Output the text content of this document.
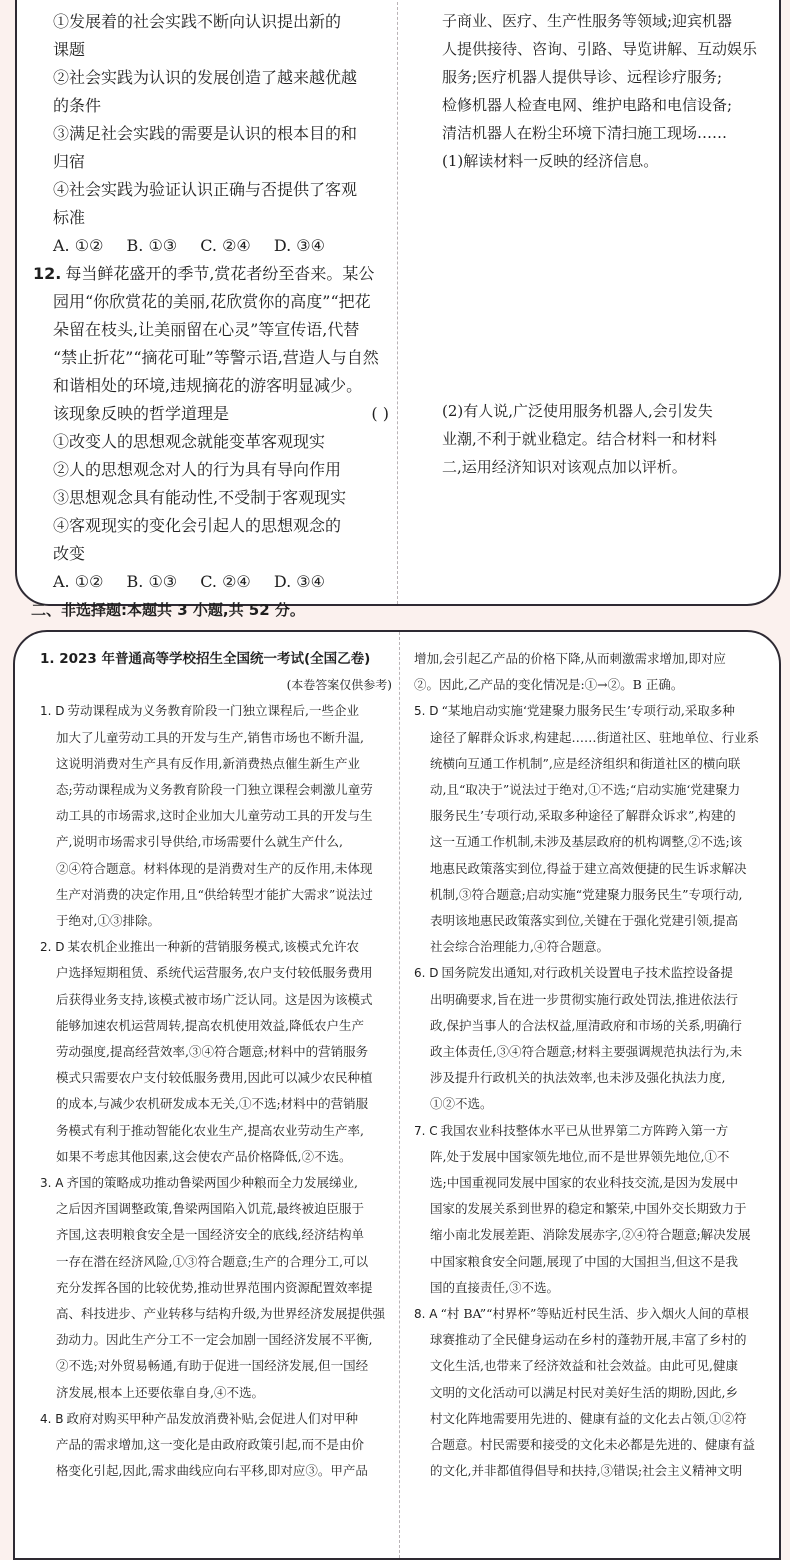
①发展着的社会实践不断向认识提出新的
课题
②社会实践为认识的发展创造了越来越优越
的条件
③满足社会实践的需要是认识的根本目的和
归宿
④社会实践为验证认识正确与否提供了客观
标准
A. ①② B. ①③ C. ②④ D. ③④
12. 每当鲜花盛开的季节,赏花者纷至沓来。某公
园用“你欣赏花的美丽,花欣赏你的高度”“把花
朵留在枝头,让美丽留在心灵”等宣传语,代替
“禁止折花”“摘花可耻”等警示语,营造人与自然
和谐相处的环境,违规摘花的游客明显减少。
该现象反映的哲学道理是	( )
①改变人的思想观念就能变革客观现实
②人的思想观念对人的行为具有导向作用
③思想观念具有能动性,不受制于客观现实
④客观现实的变化会引起人的思想观念的
改变
A. ①② B. ①③ C. ②④ D. ③④
二、非选择题:本题共 3 小题,共 52 分。
子商业、医疗、生产性服务等领域;迎宾机器
人提供接待、咨询、引路、导览讲解、互动娱乐
服务;医疗机器人提供导诊、远程诊疗服务;
检修机器人检查电网、维护电路和电信设备;
清洁机器人在粉尘环境下清扫施工现场……
(1)解读材料一反映的经济信息。
(2)有人说,广泛使用服务机器人,会引发失
业潮,不利于就业稳定。结合材料一和材料
二,运用经济知识对该观点加以评析。
1. 2023 年普通高等学校招生全国统一考试(全国乙卷)
(本卷答案仅供参考)
1. D 劳动课程成为义务教育阶段一门独立课程后,一些企业
加大了儿童劳动工具的开发与生产,销售市场也不断升温,
这说明消费对生产具有反作用,新消费热点催生新生产业
态;劳动课程成为义务教育阶段一门独立课程会刺激儿童劳
动工具的市场需求,这时企业加大儿童劳动工具的开发与生
产,说明市场需求引导供给,市场需要什么就生产什么,
②④符合题意。材料体现的是消费对生产的反作用,未体现
生产对消费的决定作用,且“供给转型才能扩大需求”说法过
于绝对,①③排除。
2. D 某农机企业推出一种新的营销服务模式,该模式允许农
户选择短期租赁、系统代运营服务,农户支付较低服务费用
后获得业务支持,该模式被市场广泛认同。这是因为该模式
能够加速农机运营周转,提高农机使用效益,降低农户生产
劳动强度,提高经营效率,③④符合题意;材料中的营销服务
模式只需要农户支付较低服务费用,因此可以减少农民种植
的成本,与减少农机研发成本无关,①不选;材料中的营销服
务模式有利于推动智能化农业生产,提高农业劳动生产率,
如果不考虑其他因素,这会使农产品价格降低,②不选。
3. A 齐国的策略成功推动鲁梁两国少种粮而全力发展绨业,
之后因齐国调整政策,鲁梁两国陷入饥荒,最终被迫臣服于
齐国,这表明粮食安全是一国经济安全的底线,经济结构单
一存在潜在经济风险,①③符合题意;生产的合理分工,可以
充分发挥各国的比较优势,推动世界范围内资源配置效率提
高、科技进步、产业转移与结构升级,为世界经济发展提供强
劲动力。因此生产分工不一定会加剧一国经济发展不平衡,
②不选;对外贸易畅通,有助于促进一国经济发展,但一国经
济发展,根本上还要依靠自身,④不选。
4. B 政府对购买甲种产品发放消费补贴,会促进人们对甲种
产品的需求增加,这一变化是由政府政策引起,而不是由价
格变化引起,因此,需求曲线应向右平移,即对应③。甲产品
增加,会引起乙产品的价格下降,从而刺激需求增加,即对应
②。因此,乙产品的变化情况是:①→②。B 正确。
5. D “某地启动实施‘党建聚力服务民生’专项行动,采取多种
途径了解群众诉求,构建起……街道社区、驻地单位、行业系
统横向互通工作机制”,应是经济组织和街道社区的横向联
动,且“取决于”说法过于绝对,①不选;“启动实施‘党建聚力
服务民生’专项行动,采取多种途径了解群众诉求”,构建的
这一互通工作机制,未涉及基层政府的机构调整,②不选;该
地惠民政策落实到位,得益于建立高效便捷的民生诉求解决
机制,③符合题意;启动实施“党建聚力服务民生”专项行动,
表明该地惠民政策落实到位,关键在于强化党建引领,提高
社会综合治理能力,④符合题意。
6. D 国务院发出通知,对行政机关设置电子技术监控设备提
出明确要求,旨在进一步贯彻实施行政处罚法,推进依法行
政,保护当事人的合法权益,厘清政府和市场的关系,明确行
政主体责任,③④符合题意;材料主要强调规范执法行为,未
涉及提升行政机关的执法效率,也未涉及强化执法力度,
①②不选。
7. C 我国农业科技整体水平已从世界第二方阵跨入第一方
阵,处于发展中国家领先地位,而不是世界领先地位,①不
选;中国重视同发展中国家的农业科技交流,是因为发展中
国家的发展关系到世界的稳定和繁荣,中国外交长期致力于
缩小南北发展差距、消除发展赤字,②④符合题意;解决发展
中国家粮食安全问题,展现了中国的大国担当,但这不是我
国的直接责任,③不选。
8. A “村 BA”“村界杯”等贴近村民生活、步入烟火人间的草根
球赛推动了全民健身运动在乡村的蓬勃开展,丰富了乡村的
文化生活,也带来了经济效益和社会效益。由此可见,健康
文明的文化活动可以满足村民对美好生活的期盼,因此,乡
村文化阵地需要用先进的、健康有益的文化去占领,①②符
合题意。村民需要和接受的文化未必都是先进的、健康有益
的文化,并非都值得倡导和扶持,③错误;社会主义精神文明
